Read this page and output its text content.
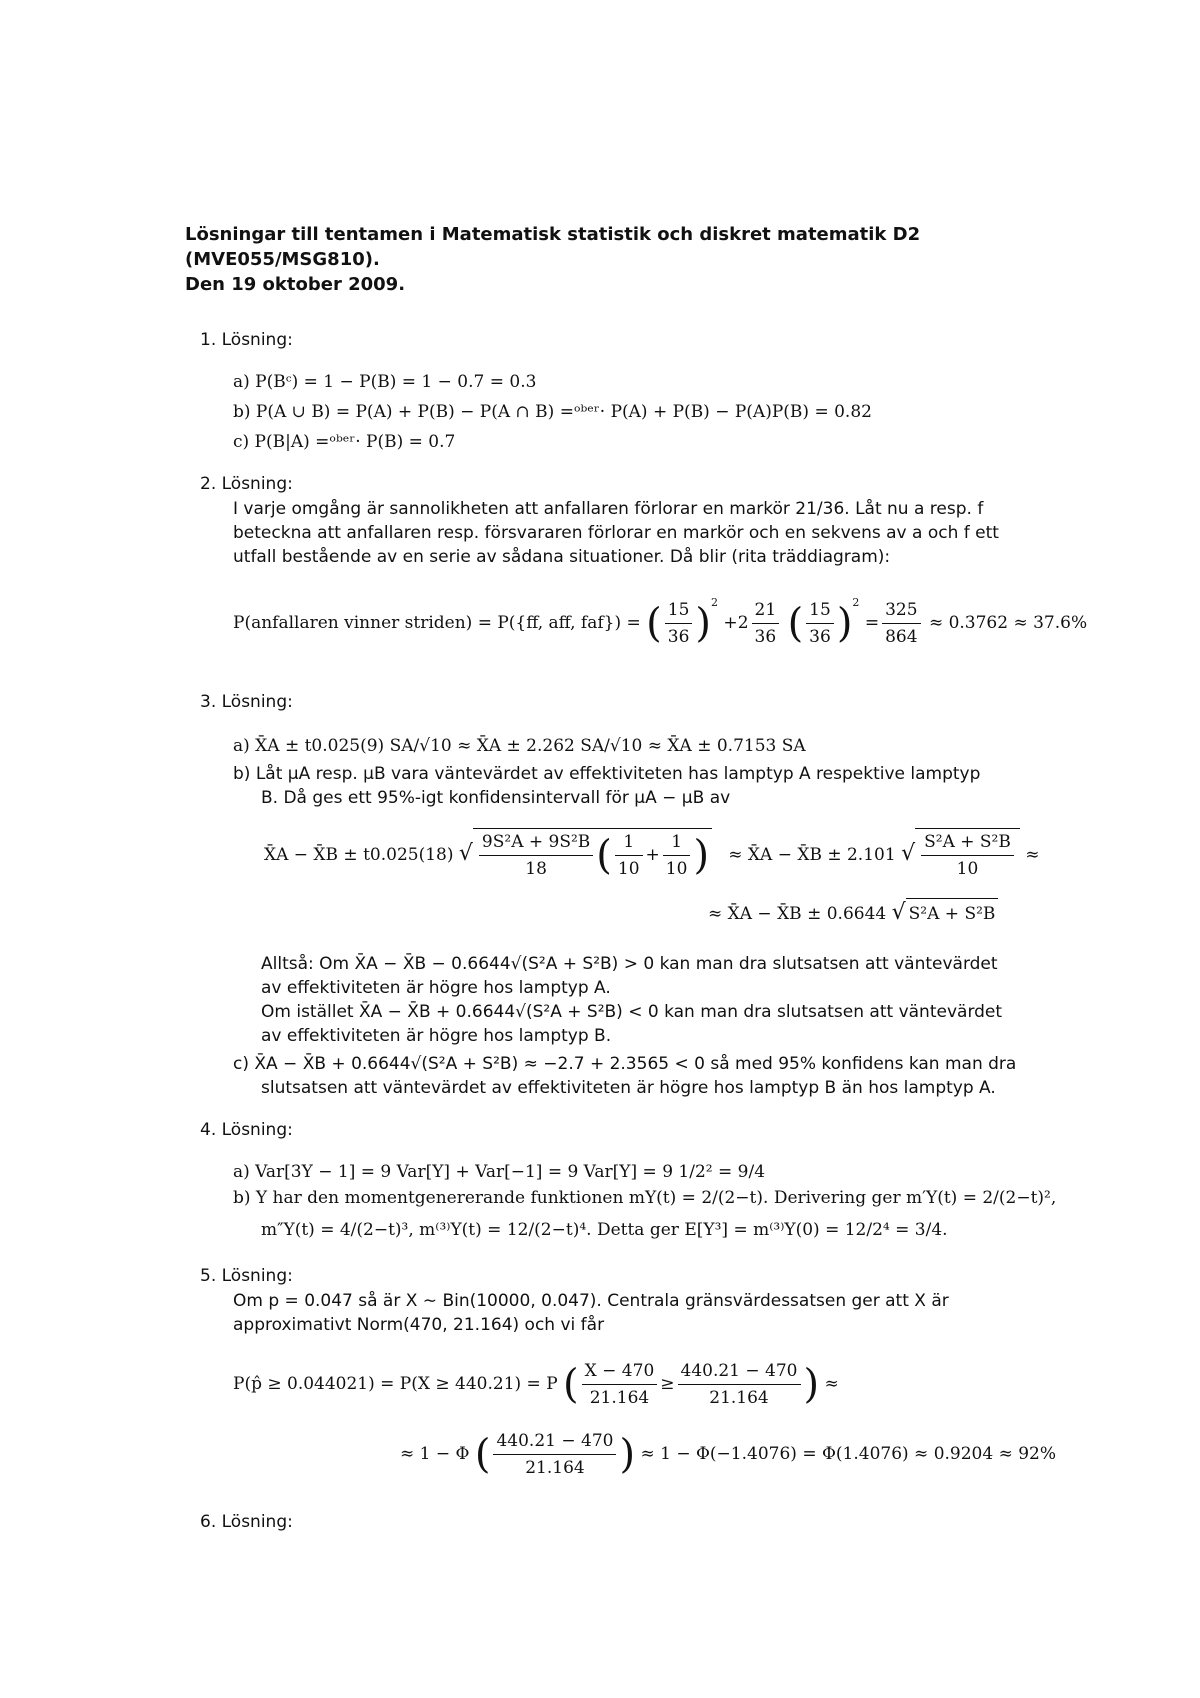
Lösningar till tentamen i Matematisk statistik och diskret matematik D2
(MVE055/MSG810).
Den 19 oktober 2009.
1. Lösning:
a) P(Bᶜ) = 1 − P(B) = 1 − 0.7 = 0.3
b) P(A ∪ B) = P(A) + P(B) − P(A ∩ B) =ᵒᵇᵉʳ· P(A) + P(B) − P(A)P(B) = 0.82
c) P(B|A) =ᵒᵇᵉʳ· P(B) = 0.7
2. Lösning:
I varje omgång är sannolikheten att anfallaren förlorar en markör 21/36. Låt nu a resp. f
beteckna att anfallaren resp. försvararen förlorar en markör och en sekvens av a och f ett
utfall bestående av en serie av sådana situationer. Då blir (rita träddiagram):
P(anfallaren vinner striden) = P({ff, aff, faf}) = ( $\frac{15}{36} )^2 +2 \frac{21}{36}$ ( $\frac{15}{36} )^2 = \frac{325}{864} \approx 0.3762 \approx 37.6\%$
3. Lösning:
a) X̄A ± t0.025(9) SA/√10 ≈ X̄A ± 2.262 SA/√10 ≈ X̄A ± 0.7153 SA
b) Låt μA resp. μB vara väntevärdet av effektiviteten has lamptyp A respektive lamptyp
B. Då ges ett 95%-igt konfidensintervall för μA − μB av
X̄A − X̄B ± t0.025(18) √ $\frac{\text{9S²A + 9S²B}}{18}$ ( $\frac{1}{10} + \frac{1}{10}$ ) ≈ X̄A − X̄B ± 2.101 √ $\frac{\text{S²A + S²B}}{10}$ ≈
≈ X̄A − X̄B ± 0.6644 √ S²A + S²B
Alltså: Om X̄A − X̄B − 0.6644√(S²A + S²B) > 0 kan man dra slutsatsen att väntevärdet
av effektiviteten är högre hos lamptyp A.
Om istället X̄A − X̄B + 0.6644√(S²A + S²B) < 0 kan man dra slutsatsen att väntevärdet
av effektiviteten är högre hos lamptyp B.
c) X̄A − X̄B + 0.6644√(S²A + S²B) ≈ −2.7 + 2.3565 < 0 så med 95% konfidens kan man dra
slutsatsen att väntevärdet av effektiviteten är högre hos lamptyp B än hos lamptyp A.
4. Lösning:
a) Var[3Y − 1] = 9 Var[Y] + Var[−1] = 9 Var[Y] = 9 1/2² = 9/4
b) Y har den momentgenererande funktionen mY(t) = 2/(2−t). Derivering ger m′Y(t) = 2/(2−t)²,
m″Y(t) = 4/(2−t)³, m⁽³⁾Y(t) = 12/(2−t)⁴. Detta ger E[Y³] = m⁽³⁾Y(0) = 12/2⁴ = 3/4.
5. Lösning:
Om p = 0.047 så är X ∼ Bin(10000, 0.047). Centrala gränsvärdessatsen ger att X är
approximativt Norm(470, 21.164) och vi får
P(p̂ ≥ 0.044021) = P(X ≥ 440.21) = P ( $\frac{X - 470}{21.164} \ge \frac{440.21 - 470}{21.164}$ ) ≈
≈ 1 − Φ ( $\frac{440.21 - 470}{21.164}$ ) ≈ 1 − Φ(−1.4076) = Φ(1.4076) ≈ 0.9204 ≈ 92%
6. Lösning:
